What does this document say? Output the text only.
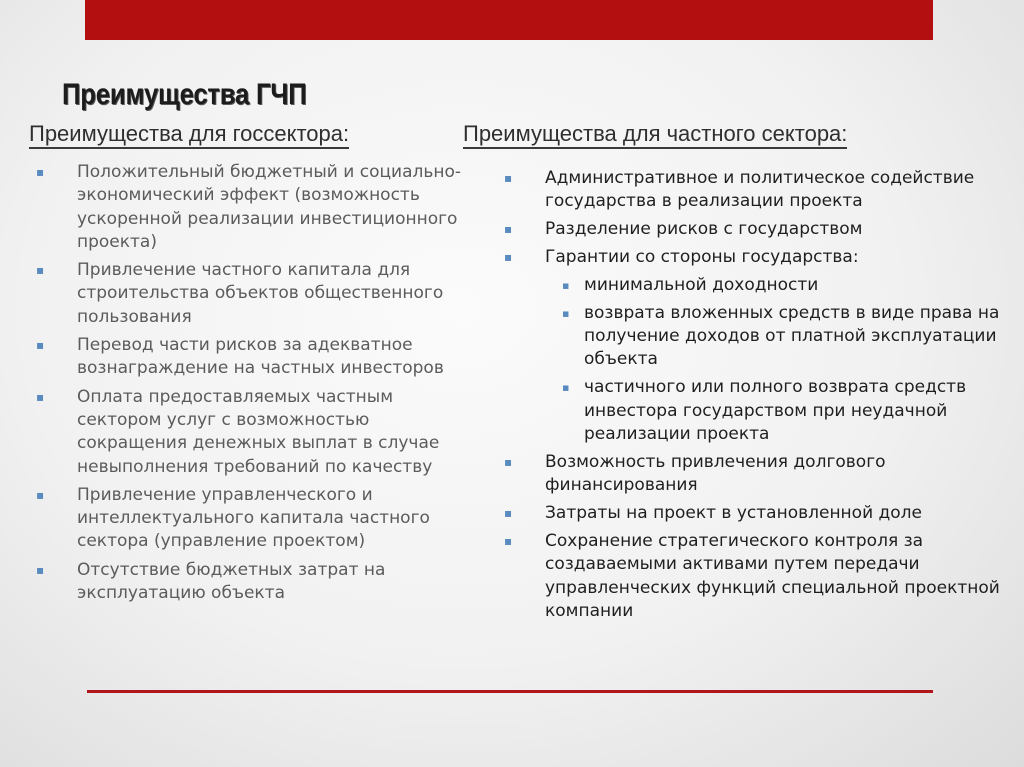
Преимущества ГЧП
Преимущества для госсектора:
▪ Положительный бюджетный и социально-экономический эффект (возможность ускоренной реализации инвестиционного проекта)
▪ Привлечение частного капитала для строительства объектов общественного пользования
▪ Перевод части рисков за адекватное вознаграждение на частных инвесторов
▪ Оплата предоставляемых частным сектором услуг с возможностью сокращения денежных выплат в случае невыполнения требований по качеству
▪ Привлечение управленческого и интеллектуального капитала частного сектора (управление проектом)
▪ Отсутствие бюджетных затрат на эксплуатацию объекта
Преимущества для частного сектора:
▪ Административное и политическое содействие государства в реализации проекта
▪ Разделение рисков с государством
▪ Гарантии со стороны государства:
▪ минимальной доходности
▪ возврата вложенных средств в виде права на получение доходов от платной эксплуатации объекта
▪ частичного или полного возврата средств инвестора государством при неудачной реализации проекта
▪ Возможность привлечения долгового финансирования
▪ Затраты на проект в установленной доле
▪ Сохранение стратегического контроля за создаваемыми активами путем передачи управленческих функций специальной проектной компании
